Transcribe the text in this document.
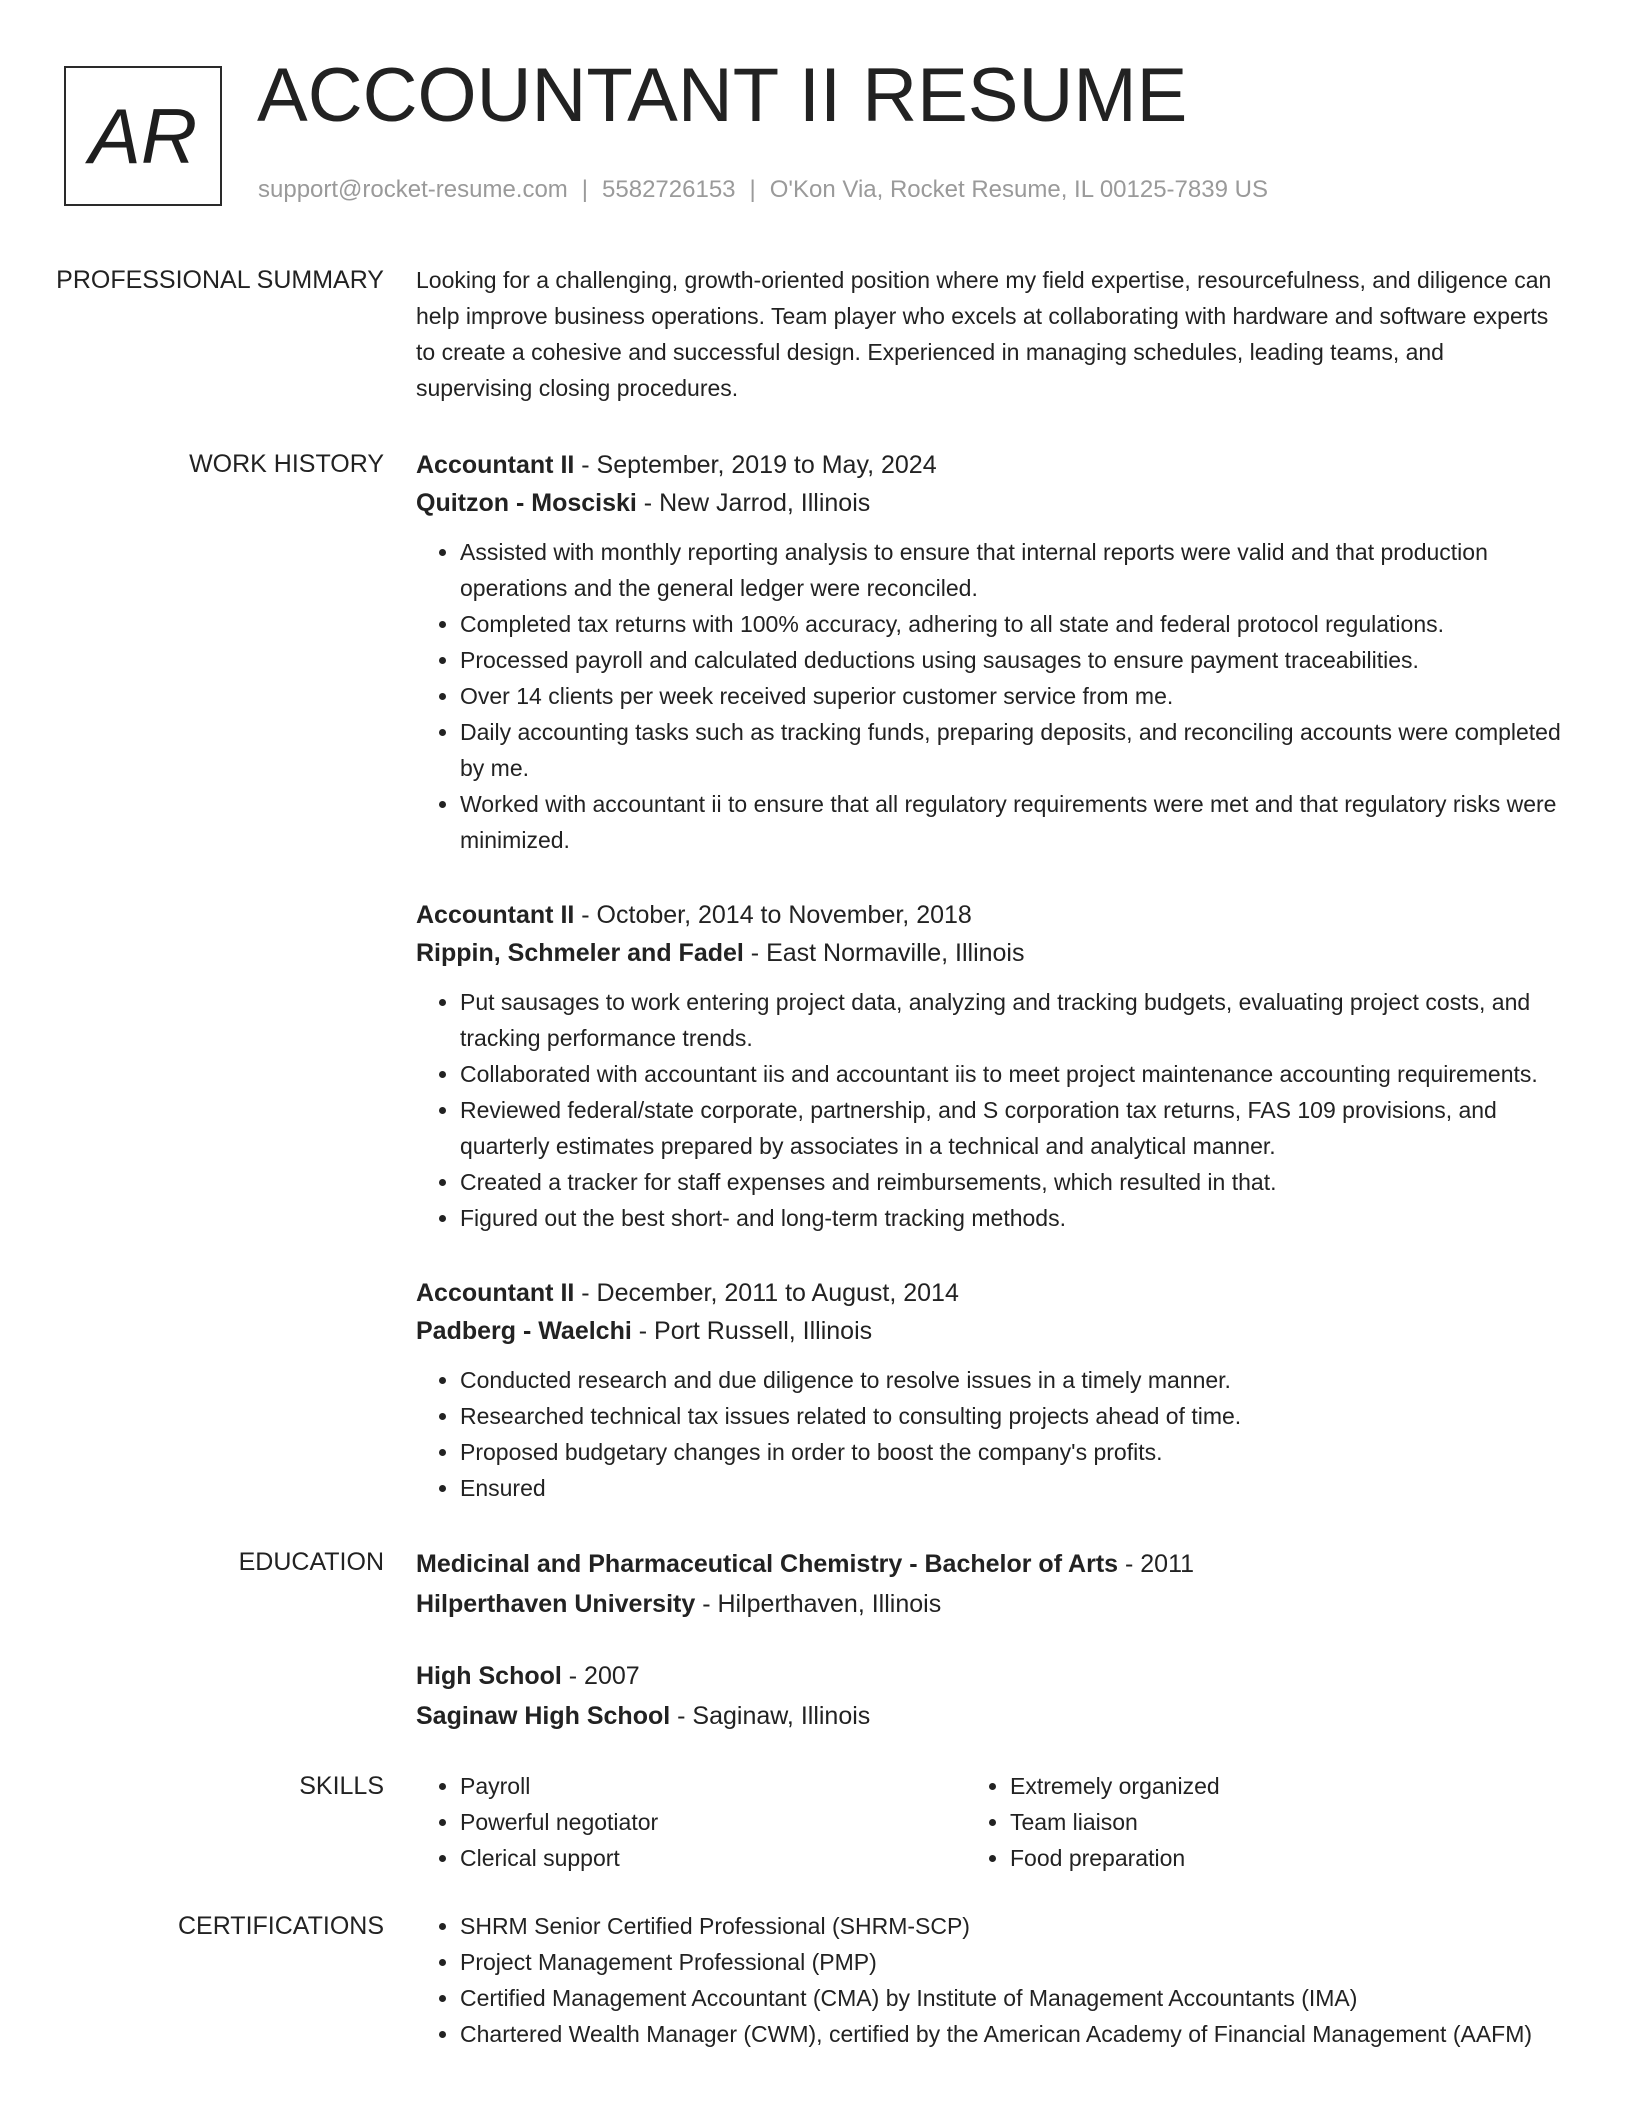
AR ACCOUNTANT II RESUME
support@rocket-resume.com | 5582726153 | O'Kon Via, Rocket Resume, IL 00125-7839 US
PROFESSIONAL SUMMARY	Looking for a challenging, growth-oriented position where my field expertise, resourcefulness, and diligence can help improve business operations. Team player who excels at collaborating with hardware and software experts to create a cohesive and successful design. Experienced in managing schedules, leading teams, and supervising closing procedures.

WORK HISTORY	Accountant II - September, 2019 to May, 2024
Quitzon - Mosciski - New Jarrod, Illinois
• Assisted with monthly reporting analysis to ensure that internal reports were valid and that production operations and the general ledger were reconciled.
• Completed tax returns with 100% accuracy, adhering to all state and federal protocol regulations.
• Processed payroll and calculated deductions using sausages to ensure payment traceabilities.
• Over 14 clients per week received superior customer service from me.
• Daily accounting tasks such as tracking funds, preparing deposits, and reconciling accounts were completed by me.
• Worked with accountant ii to ensure that all regulatory requirements were met and that regulatory risks were minimized.
Accountant II - October, 2014 to November, 2018
Rippin, Schmeler and Fadel - East Normaville, Illinois
• Put sausages to work entering project data, analyzing and tracking budgets, evaluating project costs, and tracking performance trends.
• Collaborated with accountant iis and accountant iis to meet project maintenance accounting requirements.
• Reviewed federal/state corporate, partnership, and S corporation tax returns, FAS 109 provisions, and quarterly estimates prepared by associates in a technical and analytical manner.
• Created a tracker for staff expenses and reimbursements, which resulted in that.
• Figured out the best short- and long-term tracking methods.
Accountant II - December, 2011 to August, 2014
Padberg - Waelchi - Port Russell, Illinois
• Conducted research and due diligence to resolve issues in a timely manner.
• Researched technical tax issues related to consulting projects ahead of time.
• Proposed budgetary changes in order to boost the company's profits.
• Ensured
EDUCATION	Medicinal and Pharmaceutical Chemistry - Bachelor of Arts - 2011
Hilperthaven University - Hilperthaven, Illinois
High School - 2007
Saginaw High School - Saginaw, Illinois
SKILLS	• Payroll
• Powerful negotiator
• Clerical support
• Extremely organized
• Team liaison
• Food preparation
CERTIFICATIONS	• SHRM Senior Certified Professional (SHRM-SCP)
• Project Management Professional (PMP)
• Certified Management Accountant (CMA) by Institute of Management Accountants (IMA)
• Chartered Wealth Manager (CWM), certified by the American Academy of Financial Management (AAFM)
